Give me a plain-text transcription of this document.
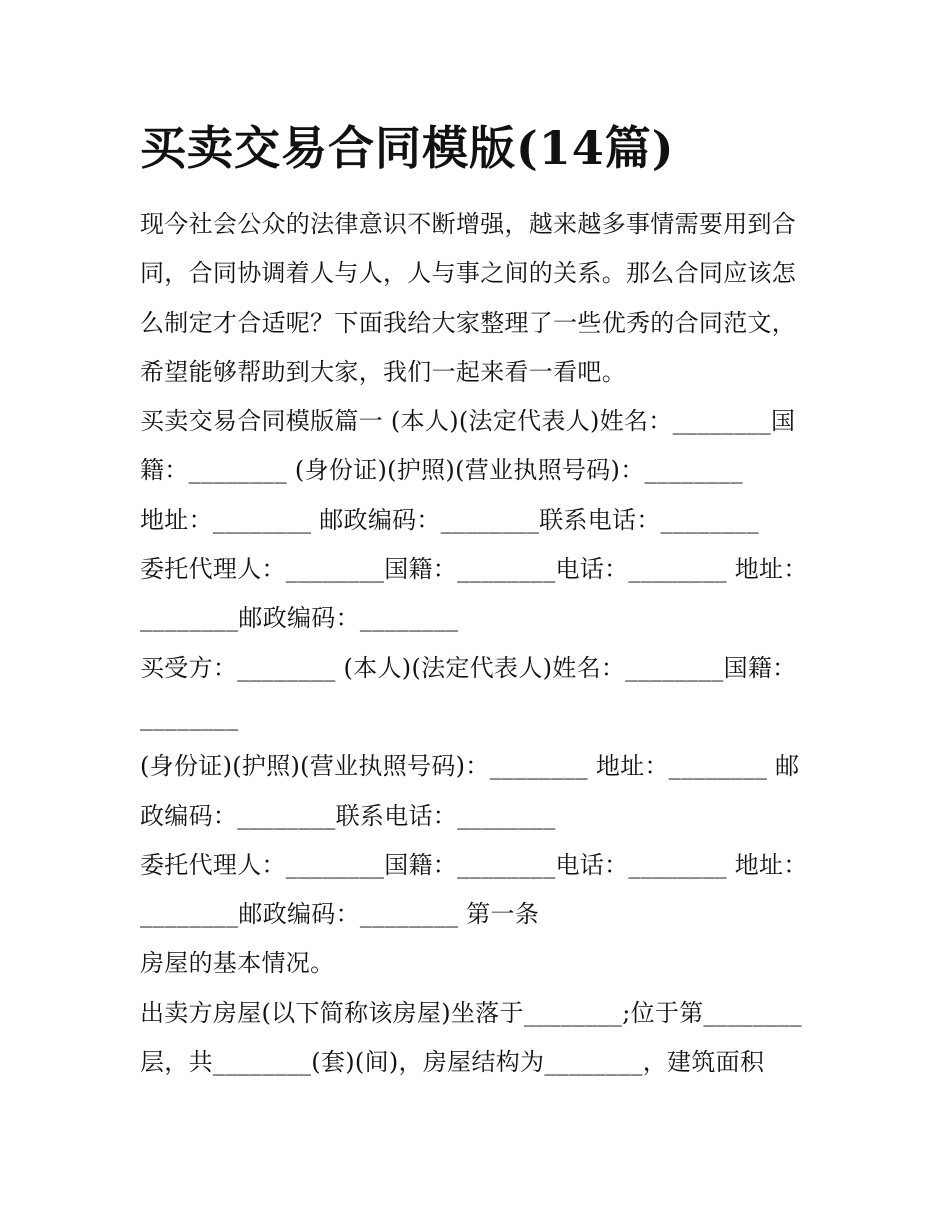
买卖交易合同模版(14篇)
现今社会公众的法律意识不断增强，越来越多事情需要用到合
同，合同协调着人与人，人与事之间的关系。那么合同应该怎
么制定才合适呢？下面我给大家整理了一些优秀的合同范文，
希望能够帮助到大家，我们一起来看一看吧。
买卖交易合同模版篇一 (本人)(法定代表人)姓名：________国
籍：________ (身份证)(护照)(营业执照号码)：________
地址：________ 邮政编码：________联系电话：________
委托代理人：________国籍：________电话：________ 地址：
________邮政编码：________
买受方：________ (本人)(法定代表人)姓名：________国籍：
________
(身份证)(护照)(营业执照号码)：________ 地址：________ 邮
政编码：________联系电话：________
委托代理人：________国籍：________电话：________ 地址：
________邮政编码：________ 第一条
房屋的基本情况。
出卖方房屋(以下简称该房屋)坐落于________;位于第________
层，共________(套)(间)，房屋结构为________，建筑面积
